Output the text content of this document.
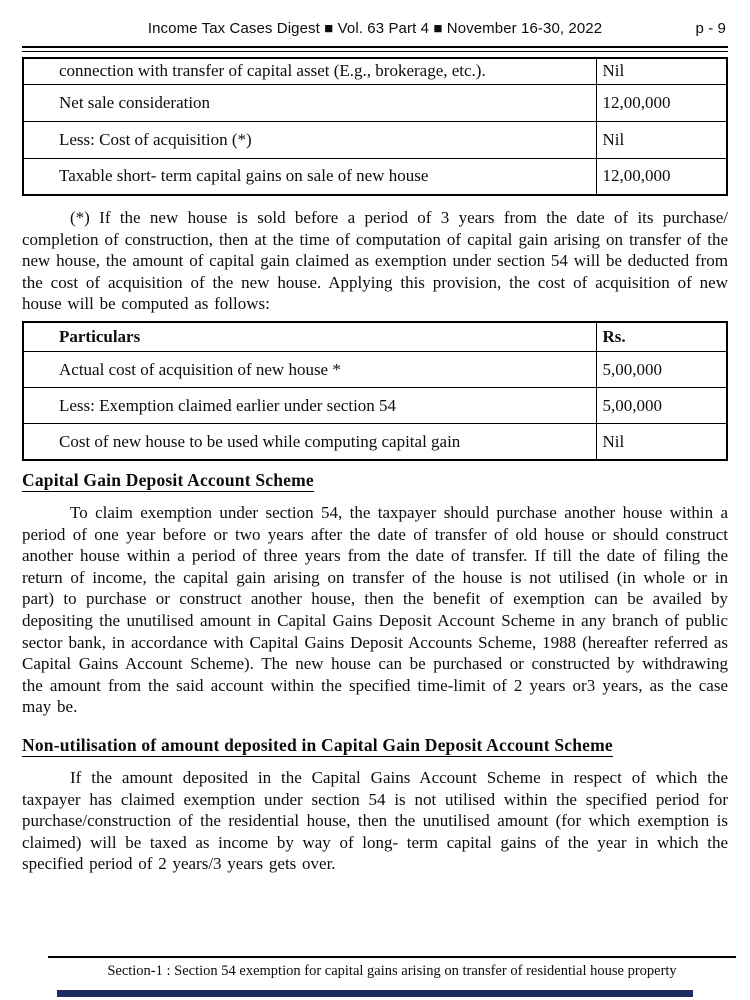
Income Tax Cases Digest ■ Vol. 63 Part 4 ■ November 16-30, 2022	p - 9
connection with transfer of capital asset (E.g., brokerage, etc.).	Nil
Net sale consideration	12,00,000
Less: Cost of acquisition (*)	Nil
Taxable short- term capital gains on sale of new house	12,00,000

(*) If the new house is sold before a period of 3 years from the date of its purchase/ completion of construction, then at the time of computation of capital gain arising on transfer of the new house, the amount of capital gain claimed as exemption under section 54 will be deducted from the cost of acquisition of the new house. Applying this provision, the cost of acquisition of new house will be computed as follows:

Particulars	Rs.
Actual cost of acquisition of new house *	5,00,000
Less: Exemption claimed earlier under section 54	5,00,000
Cost of new house to be used while computing capital gain	Nil
Capital Gain Deposit Account Scheme

To claim exemption under section 54, the taxpayer should purchase another house within a period of one year before or two years after the date of transfer of old house or should construct another house within a period of three years from the date of transfer. If till the date of filing the return of income, the capital gain arising on transfer of the house is not utilised (in whole or in part) to purchase or construct another house, then the benefit of exemption can be availed by depositing the unutilised amount in Capital Gains Deposit Account Scheme in any branch of public sector bank, in accordance with Capital Gains Deposit Accounts Scheme, 1988 (hereafter referred as Capital Gains Account Scheme). The new house can be purchased or constructed by withdrawing the amount from the said account within the specified time-limit of 2 years or3 years, as the case may be.

Non-utilisation of amount deposited in Capital Gain Deposit Account Scheme

If the amount deposited in the Capital Gains Account Scheme in respect of which the taxpayer has claimed exemption under section 54 is not utilised within the specified period for purchase/construction of the residential house, then the unutilised amount (for which exemption is claimed) will be taxed as income by way of long- term capital gains of the year in which the specified period of 2 years/3 years gets over.

Section-1 : Section 54 exemption for capital gains arising on transfer of residential house property
